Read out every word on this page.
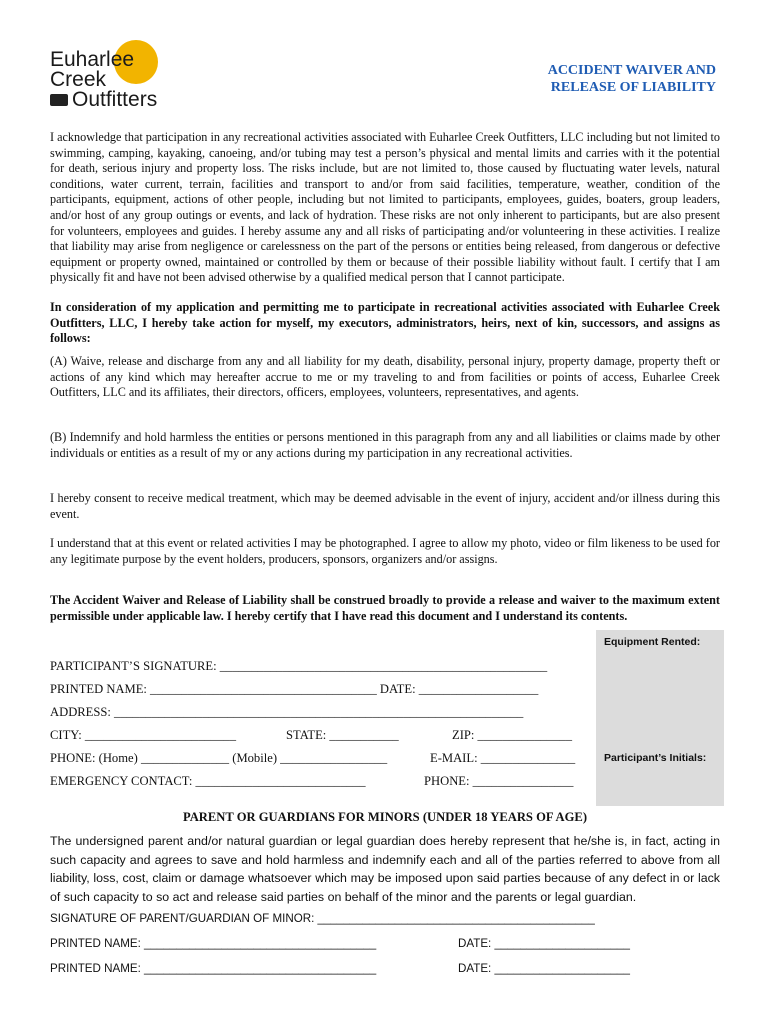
Euharlee
Creek
Outfitters
ACCIDENT WAIVER AND
RELEASE OF LIABILITY

I acknowledge that participation in any recreational activities associated with Euharlee Creek Outfitters, LLC including but not limited to swimming, camping, kayaking, canoeing, and/or tubing may test a person’s physical and mental limits and carries with it the potential for death, serious injury and property loss. The risks include, but are not limited to, those caused by fluctuating water levels, natural conditions, water current, terrain, facilities and transport to and/or from said facilities, temperature, weather, condition of the participants, equipment, actions of other people, including but not limited to participants, employees, guides, boaters, group leaders, and/or host of any group outings or events, and lack of hydration. These risks are not only inherent to participants, but are also present for volunteers, employees and guides. I hereby assume any and all risks of participating and/or volunteering in these activities. I realize that liability may arise from negligence or carelessness on the part of the persons or entities being released, from dangerous or defective equipment or property owned, maintained or controlled by them or because of their possible liability without fault. I certify that I am physically fit and have not been advised otherwise by a qualified medical person that I cannot participate.

In consideration of my application and permitting me to participate in recreational activities associated with Euharlee Creek Outfitters, LLC, I hereby take action for myself, my executors, administrators, heirs, next of kin, successors, and assigns as follows:

(A) Waive, release and discharge from any and all liability for my death, disability, personal injury, property damage, property theft or actions of any kind which may hereafter accrue to me or my traveling to and from facilities or points of access, Euharlee Creek Outfitters, LLC and its affiliates, their directors, officers, employees, volunteers, representatives, and agents.

(B) Indemnify and hold harmless the entities or persons mentioned in this paragraph from any and all liabilities or claims made by other individuals or entities as a result of my or any actions during my participation in any recreational activities.

I hereby consent to receive medical treatment, which may be deemed advisable in the event of injury, accident and/or illness during this event.

I understand that at this event or related activities I may be photographed. I agree to allow my photo, video or film likeness to be used for any legitimate purpose by the event holders, producers, sponsors, organizers and/or assigns.

The Accident Waiver and Release of Liability shall be construed broadly to provide a release and waiver to the maximum extent permissible under applicable law. I hereby certify that I have read this document and I understand its contents.

Equipment Rented:
Participant’s Initials:
PARTICIPANT’S SIGNATURE: ____________________________________________________
PRINTED NAME: ____________________________________ DATE: ___________________
ADDRESS: _________________________________________________________________
CITY: ________________________	STATE: ___________	ZIP: _______________
PHONE: (Home) ______________ (Mobile) _________________	E-MAIL: _______________
EMERGENCY CONTACT: ___________________________	PHONE: ________________
PARENT OR GUARDIANS FOR MINORS (UNDER 18 YEARS OF AGE)

The undersigned parent and/or natural guardian or legal guardian does hereby represent that he/she is, in fact, acting in such capacity and agrees to save and hold harmless and indemnify each and all of the parties referred to above from all liability, loss, cost, claim or damage whatsoever which may be imposed upon said parties because of any defect in or lack of such capacity to so act and release said parties on behalf of the minor and the parents or legal guardian.

SIGNATURE OF PARENT/GUARDIAN OF MINOR: ___________________________________________
PRINTED NAME: ____________________________________	DATE: _____________________
PRINTED NAME: ____________________________________	DATE: _____________________
